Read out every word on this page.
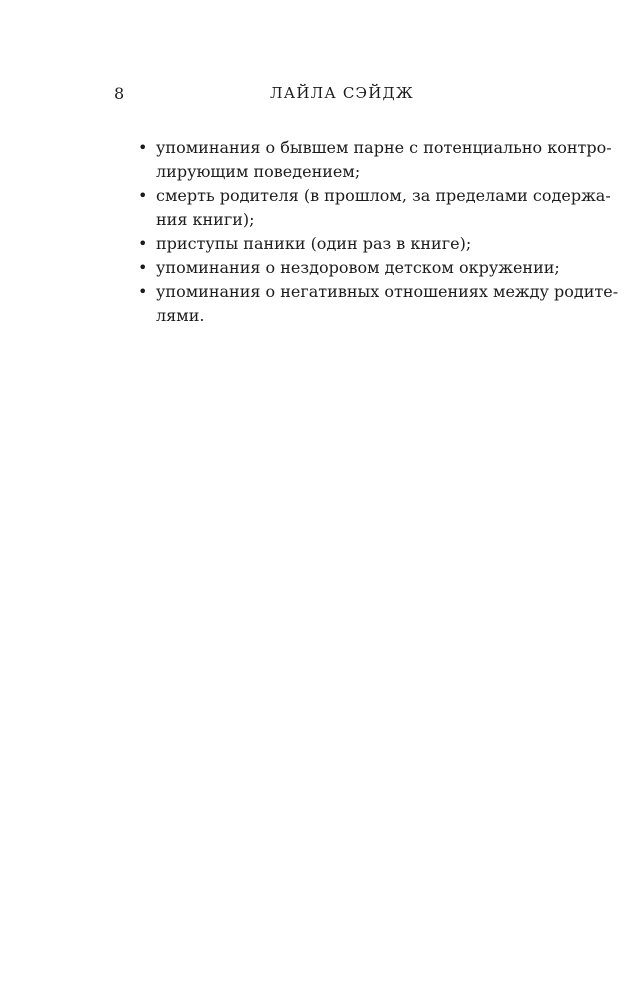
8	ЛАЙЛА СЭЙДЖ
• упоминания о бывшем парне с потенциально контро-
лирующим поведением;
• смерть родителя (в прошлом, за пределами содержа-
ния книги);
• приступы паники (один раз в книге);
• упоминания о нездоровом детском окружении;
• упоминания о негативных отношениях между родите-
лями.
